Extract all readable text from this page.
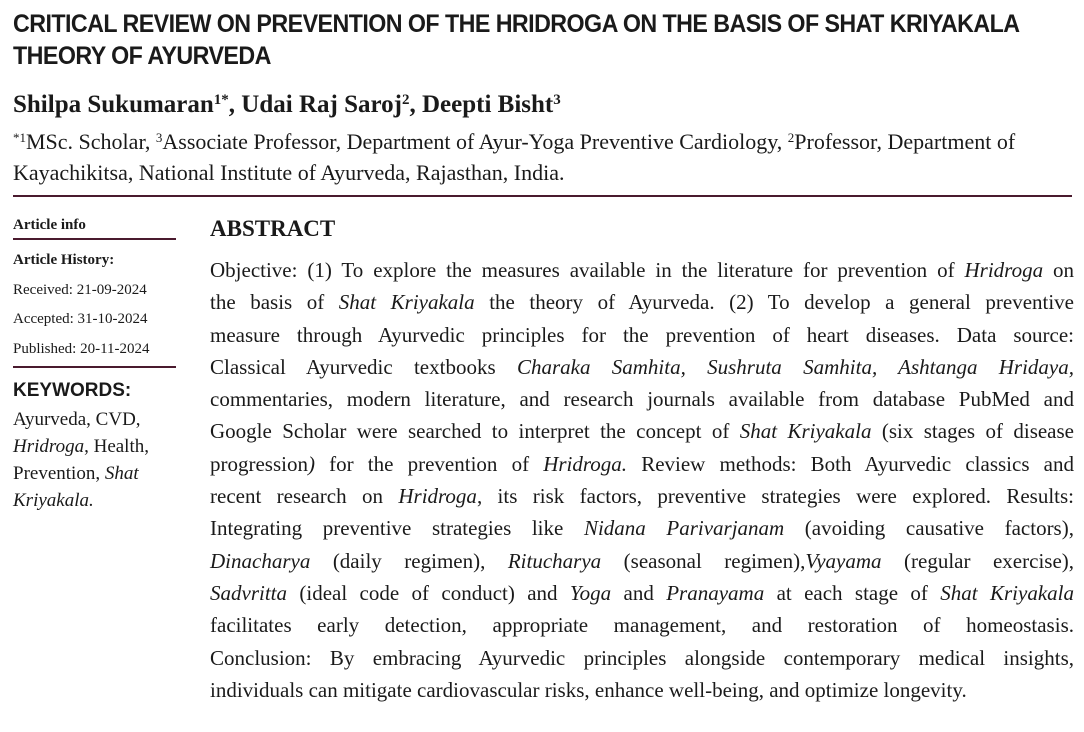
CRITICAL REVIEW ON PREVENTION OF THE HRIDROGA ON THE BASIS OF SHAT KRIYAKALA
THEORY OF AYURVEDA
Shilpa Sukumaran$^{1*}$, Udai Raj Saroj$^2$, Deepti Bisht$^3$
$^{*1}$MSc. Scholar, $^3$Associate Professor, Department of Ayur-Yoga Preventive Cardiology, $^2$Professor, Department of
Kayachikitsa, National Institute of Ayurveda, Rajasthan, India.
Article info
Article History:
Received: 21-09-2024
Accepted: 31-10-2024
Published: 20-11-2024
KEYWORDS:
Ayurveda, CVD,
Hridroga, Health,
Prevention, Shat
Kriyakala.
ABSTRACT
Objective: (1) To explore the measures available in the literature for prevention of Hridroga on
the basis of Shat Kriyakala the theory of Ayurveda. (2) To develop a general preventive
measure through Ayurvedic principles for the prevention of heart diseases. Data source:
Classical Ayurvedic textbooks Charaka Samhita, Sushruta Samhita, Ashtanga Hridaya,
commentaries, modern literature, and research journals available from database PubMed and
Google Scholar were searched to interpret the concept of Shat Kriyakala (six stages of disease
progression) for the prevention of Hridroga. Review methods: Both Ayurvedic classics and
recent research on Hridroga, its risk factors, preventive strategies were explored. Results:
Integrating preventive strategies like Nidana Parivarjanam (avoiding causative factors),
Dinacharya (daily regimen), Ritucharya (seasonal regimen),Vyayama (regular exercise),
Sadvritta (ideal code of conduct) and Yoga and Pranayama at each stage of Shat Kriyakala
facilitates early detection, appropriate management, and restoration of homeostasis.
Conclusion: By embracing Ayurvedic principles alongside contemporary medical insights,
individuals can mitigate cardiovascular risks, enhance well-being, and optimize longevity.
